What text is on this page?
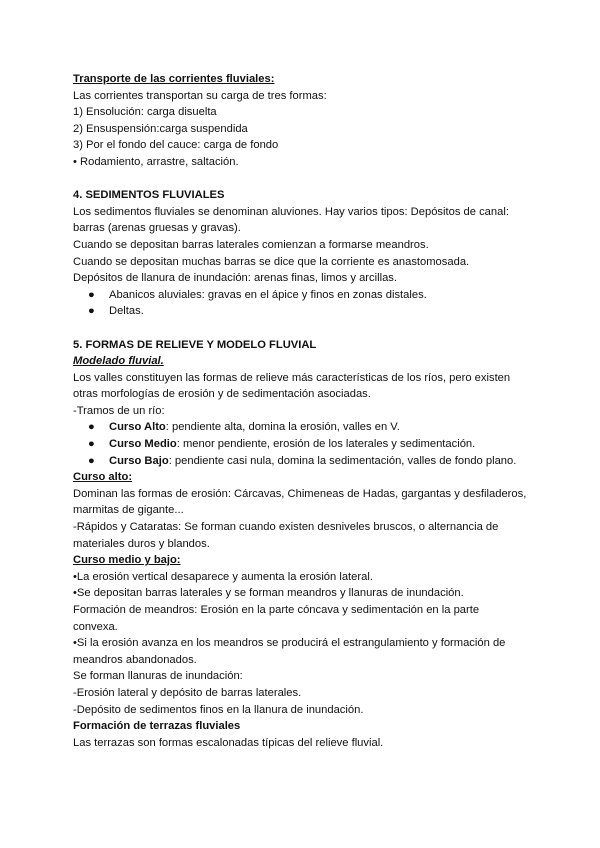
Transporte de las corrientes fluviales:

Las corrientes transportan su carga de tres formas:

1) Ensolución: carga disuelta

2) Ensuspensión:carga suspendida

3) Por el fondo del cauce: carga de fondo

• Rodamiento, arrastre, saltación.

4. SEDIMENTOS FLUVIALES

Los sedimentos fluviales se denominan aluviones. Hay varios tipos: Depósitos de canal:

barras (arenas gruesas y gravas).

Cuando se depositan barras laterales comienzan a formarse meandros.

Cuando se depositan muchas barras se dice que la corriente es anastomosada.

Depósitos de llanura de inundación: arenas finas, limos y arcillas.

● Abanicos aluviales: gravas en el ápice y finos en zonas distales.
● Deltas.

5. FORMAS DE RELIEVE Y MODELO FLUVIAL

Modelado fluvial.

Los valles constituyen las formas de relieve más características de los ríos, pero existen

otras morfologías de erosión y de sedimentación asociadas.

-Tramos de un río:

● Curso Alto: pendiente alta, domina la erosión, valles en V.
● Curso Medio: menor pendiente, erosión de los laterales y sedimentación.
● Curso Bajo: pendiente casi nula, domina la sedimentación, valles de fondo plano.

Curso alto:

Dominan las formas de erosión: Cárcavas, Chimeneas de Hadas, gargantas y desfiladeros,

marmitas de gigante...

-Rápidos y Cataratas: Se forman cuando existen desniveles bruscos, o alternancia de

materiales duros y blandos.

Curso medio y bajo:

•La erosión vertical desaparece y aumenta la erosión lateral.

•Se depositan barras laterales y se forman meandros y llanuras de inundación.

Formación de meandros: Erosión en la parte cóncava y sedimentación en la parte

convexa.

•Si la erosión avanza en los meandros se producirá el estrangulamiento y formación de

meandros abandonados.

Se forman llanuras de inundación:

-Erosión lateral y depósito de barras laterales.

-Depósito de sedimentos finos en la llanura de inundación.

Formación de terrazas fluviales

Las terrazas son formas escalonadas típicas del relieve fluvial.
